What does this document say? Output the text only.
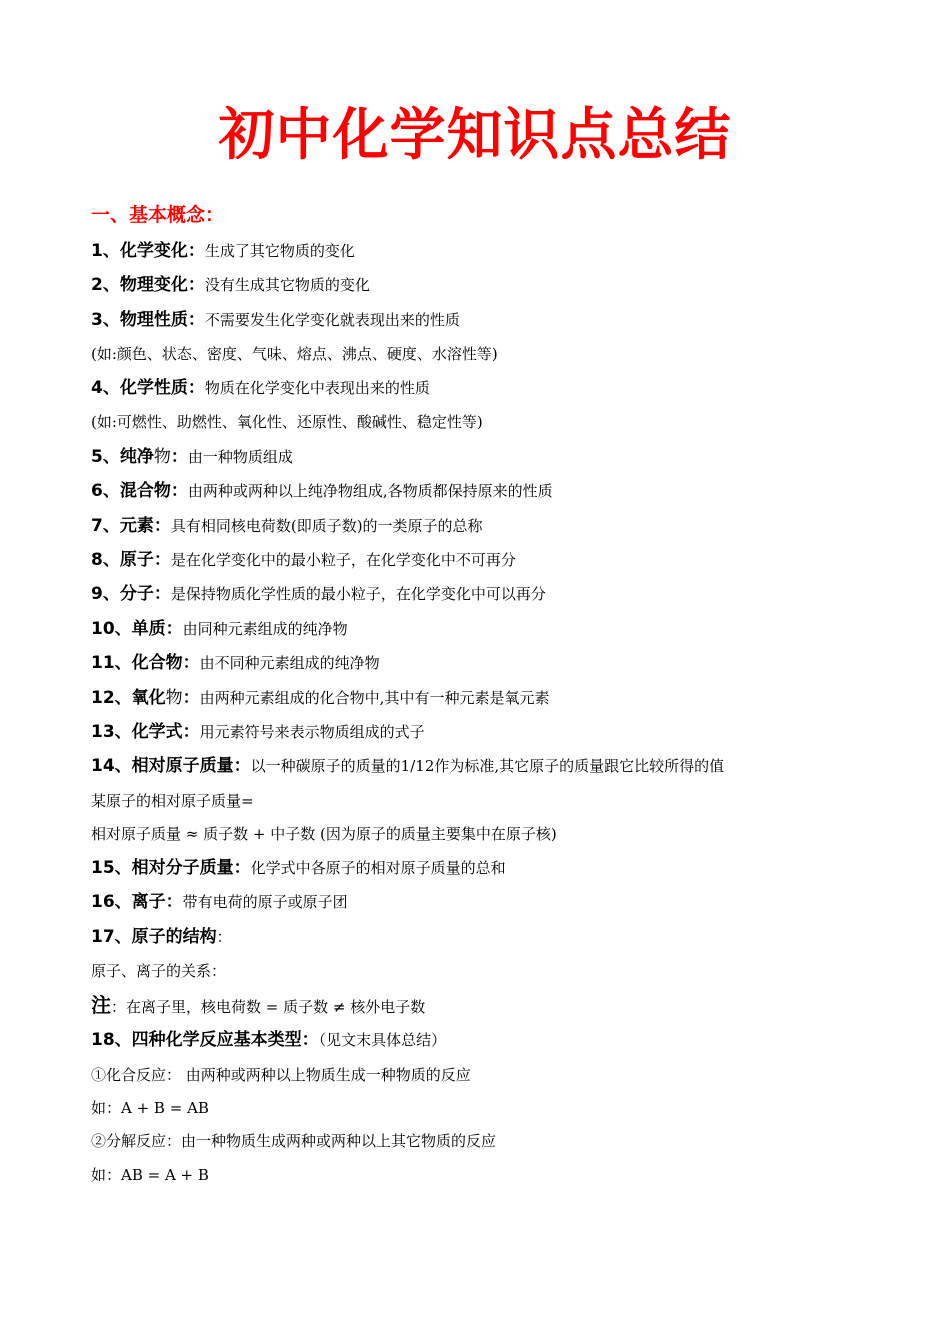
初中化学知识点总结
一、基本概念：
1、化学变化：生成了其它物质的变化
2、物理变化：没有生成其它物质的变化
3、物理性质：不需要发生化学变化就表现出来的性质
(如:颜色、状态、密度、气味、熔点、沸点、硬度、水溶性等)
4、化学性质：物质在化学变化中表现出来的性质
(如:可燃性、助燃性、氧化性、还原性、酸碱性、稳定性等)
5、纯净物：由一种物质组成
6、混合物：由两种或两种以上纯净物组成,各物质都保持原来的性质
7、元素：具有相同核电荷数(即质子数)的一类原子的总称
8、原子：是在化学变化中的最小粒子，在化学变化中不可再分
9、分子：是保持物质化学性质的最小粒子，在化学变化中可以再分
10、单质：由同种元素组成的纯净物
11、化合物：由不同种元素组成的纯净物
12、氧化物：由两种元素组成的化合物中,其中有一种元素是氧元素
13、化学式：用元素符号来表示物质组成的式子
14、相对原子质量：以一种碳原子的质量的1/12作为标准,其它原子的质量跟它比较所得的值
某原子的相对原子质量=
相对原子质量 ≈ 质子数 + 中子数 (因为原子的质量主要集中在原子核)
15、相对分子质量：化学式中各原子的相对原子质量的总和
16、离子：带有电荷的原子或原子团
17、原子的结构：
原子、离子的关系：
注：在离子里，核电荷数 = 质子数 ≠ 核外电子数
18、四种化学反应基本类型：（见文末具体总结）
①化合反应： 由两种或两种以上物质生成一种物质的反应
如：A + B = AB
②分解反应：由一种物质生成两种或两种以上其它物质的反应
如：AB = A + B
